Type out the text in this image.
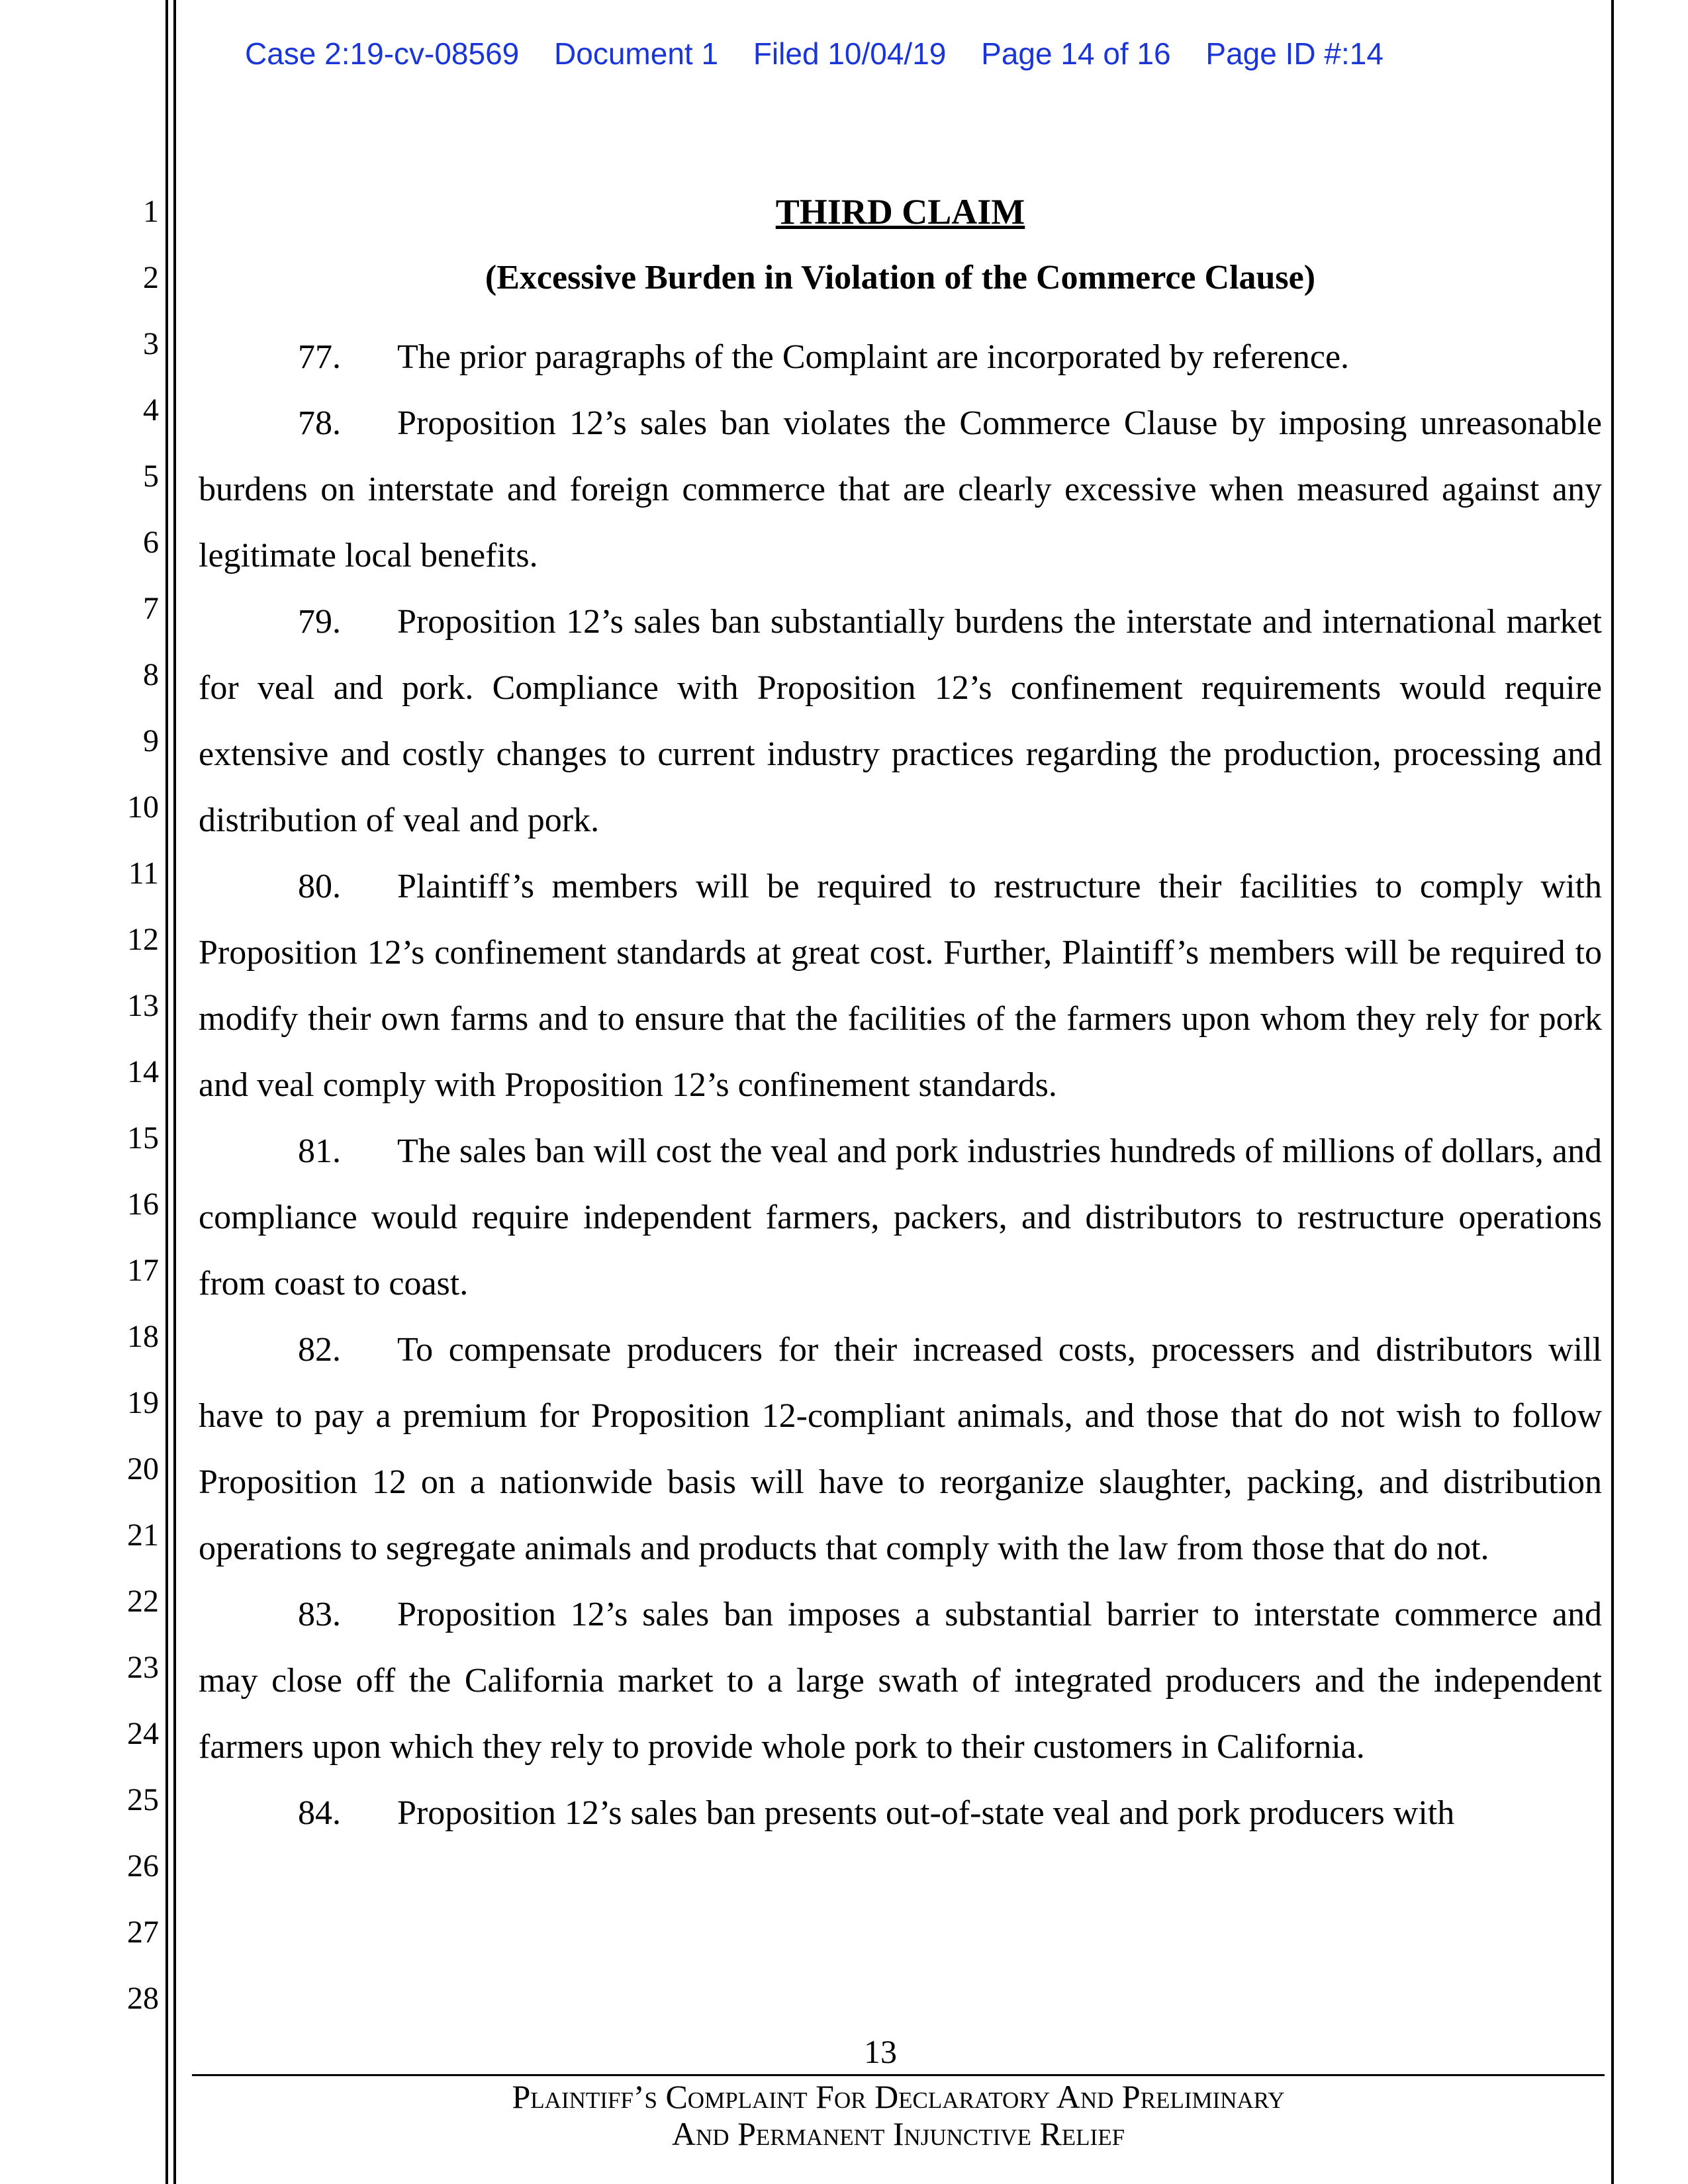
Case 2:19-cv-08569 Document 1 Filed 10/04/19 Page 14 of 16 Page ID #:14
1
2
3
4
5
6
7
8
9
10
11
12
13
14
15
16
17
18
19
20
21
22
23
24
25
26
27
28
THIRD CLAIM
(Excessive Burden in Violation of the Commerce Clause)

77. The prior paragraphs of the Complaint are incorporated by reference.

78. Proposition 12’s sales ban violates the Commerce Clause by imposing unreasonable burdens on interstate and foreign commerce that are clearly excessive when measured against any legitimate local benefits.

79. Proposition 12’s sales ban substantially burdens the interstate and international market for veal and pork. Compliance with Proposition 12’s confinement requirements would require extensive and costly changes to current industry practices regarding the production, processing and distribution of veal and pork.

80. Plaintiff’s members will be required to restructure their facilities to comply with Proposition 12’s confinement standards at great cost. Further, Plaintiff’s members will be required to modify their own farms and to ensure that the facilities of the farmers upon whom they rely for pork and veal comply with Proposition 12’s confinement standards.

81. The sales ban will cost the veal and pork industries hundreds of millions of dollars, and compliance would require independent farmers, packers, and distributors to restructure operations from coast to coast.

82. To compensate producers for their increased costs, processers and distributors will have to pay a premium for Proposition 12-compliant animals, and those that do not wish to follow Proposition 12 on a nationwide basis will have to reorganize slaughter, packing, and distribution operations to segregate animals and products that comply with the law from those that do not.

83. Proposition 12’s sales ban imposes a substantial barrier to interstate commerce and may close off the California market to a large swath of integrated producers and the independent farmers upon which they rely to provide whole pork to their customers in California.

84. Proposition 12’s sales ban presents out-of-state veal and pork producers with

13
Plaintiff’s Complaint For Declaratory And Preliminary
And Permanent Injunctive Relief
